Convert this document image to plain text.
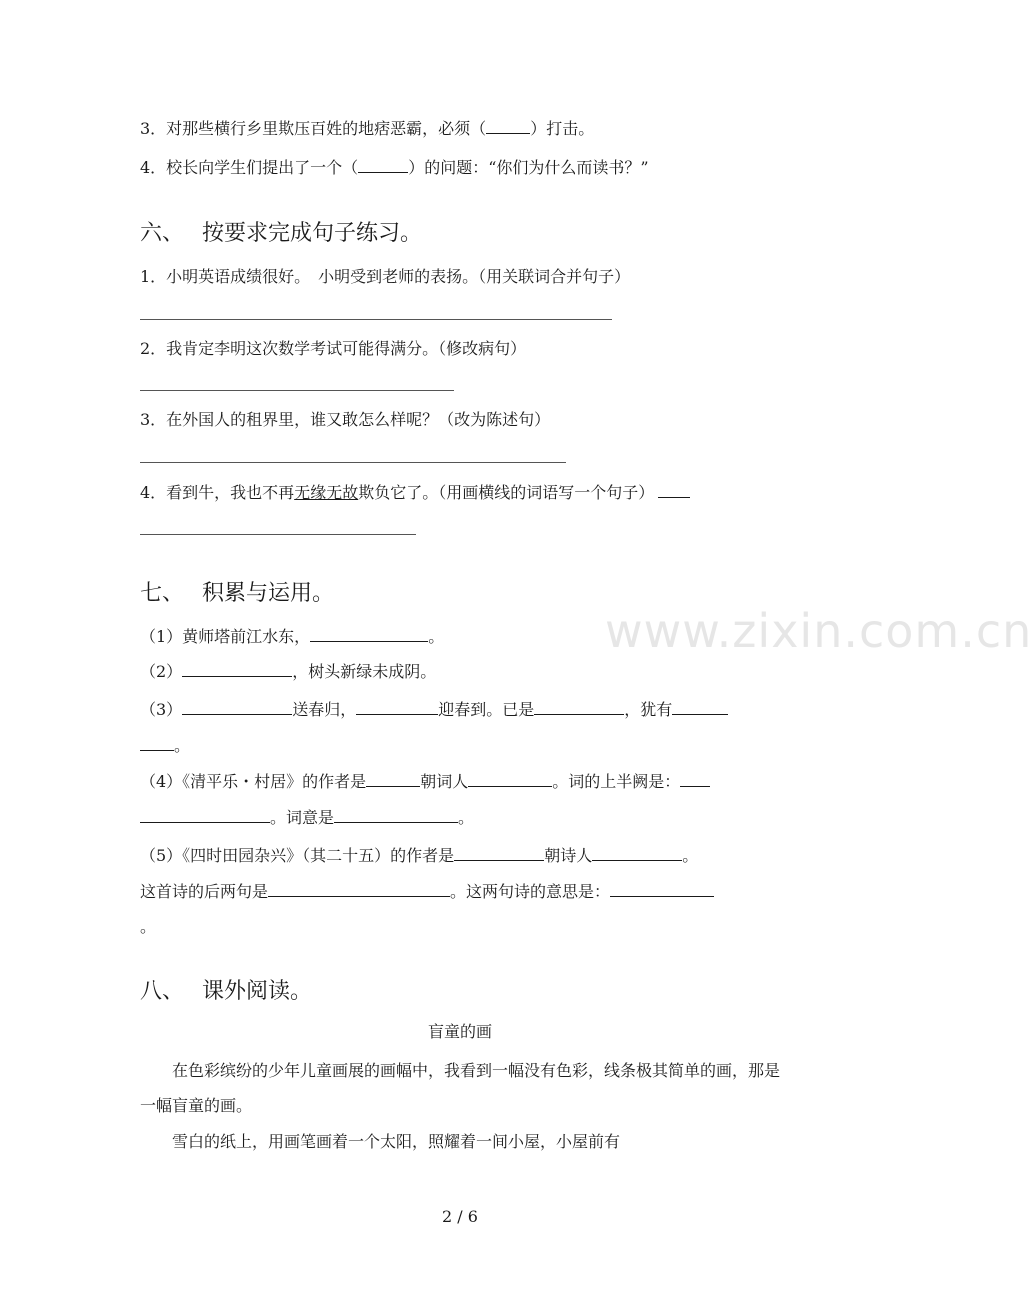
3．对那些横行乡里欺压百姓的地痞恶霸，必须（	）打击。
4．校长向学生们提出了一个（	）的问题：“你们为什么而读书？”
六、 按要求完成句子练习。
1．小明英语成绩很好。　小明受到老师的表扬。（用关联词合并句子）
2．我肯定李明这次数学考试可能得满分。（修改病句）
3．在外国人的租界里，谁又敢怎么样呢？（改为陈述句）
4．看到牛，我也不再无缘无故欺负它了。（用画横线的词语写一个句子）
七、 积累与运用。
（1）黄师塔前江水东，	。
（2）	，树头新绿未成阴。
（3）	送春归，	迎春到。已是	，犹有
。
（4）《清平乐・村居》的作者是	朝词人	。词的上半阙是：
。词意是	。
（5）《四时田园杂兴》（其二十五）的作者是	朝诗人	。
这首诗的后两句是	。这两句诗的意思是：
。
八、 课外阅读。
盲童的画
在色彩缤纷的少年儿童画展的画幅中，我看到一幅没有色彩，线条极其简单的画，那是一幅盲童的画。
雪白的纸上，用画笔画着一个太阳，照耀着一间小屋，小屋前有
www.zixin.com.cn
2 / 6
